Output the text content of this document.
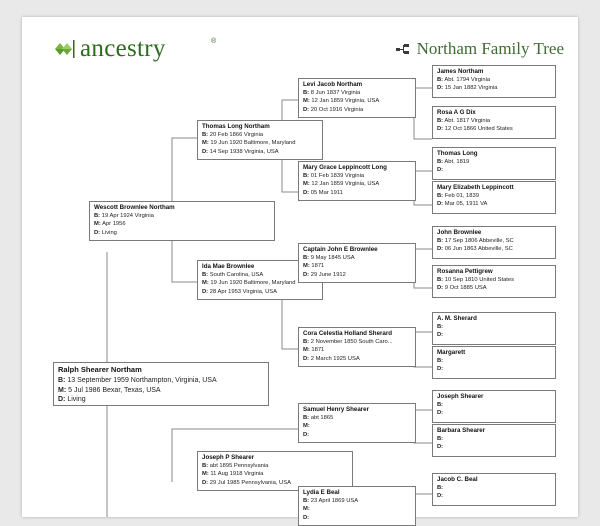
ancestry	®	Northam Family Tree
Ralph Shearer Northam
B: 13 September 1959 Northampton, Virginia, USA
M: 5 Jul 1986 Bexar, Texas, USA
D: Living
Wescott Brownlee Northam
B: 19 Apr 1924 Virginia
M: Apr 1956
D: Living
Joseph P Shearer
B: abt 1895 Pennsylvania
M: 11 Aug 1918 Virginia
D: 29 Jul 1985 Pennsylvania, USA
Thomas Long Northam
B: 20 Feb 1866 Virginia
M: 19 Jun 1920 Baltimore, Maryland
D: 14 Sep 1938 Virginia, USA
Ida Mae Brownlee
B: South Carolina, USA
M: 19 Jun 1920 Baltimore, Maryland
D: 28 Apr 1953 Virginia, USA
Levi Jacob Northam
B: 8 Jun 1837 Virginia
M: 12 Jan 1859 Virginia, USA
D: 20 Oct 1916 Virginia
Mary Grace Leppincott Long
B: 01 Feb 1839 Virginia
M: 12 Jan 1859 Virginia, USA
D: 05 Mar 1911
Captain John E Brownlee
B: 9 May 1845 USA
M: 1871
D: 29 June 1912
Cora Celestia Holland Sherard
B: 2 November 1850 South Caro...
M: 1871
D: 2 March 1925 USA
Samuel Henry Shearer
B: abt 1865
M:
D:
Lydia E Beal
B: 23 April 1869 USA
M:
D:
James Northam
B: Abt. 1794 Virginia
D: 15 Jan 1882 Virginia
Rosa A G Dix
B: Abt. 1817 Virginia
D: 12 Oct 1866 United States
Thomas Long
B: Abt. 1819
D:
Mary Elizabeth Leppincott
B: Feb 01, 1839
D: Mar 05, 1911 VA
John Brownlee
B: 17 Sep 1806 Abbeville, SC
D: 06 Jun 1863 Abbeville, SC
Rosanna Pettigrew
B: 10 Sep 1810 United States
D: 9 Oct 1885 USA
A. M. Sherard
B:
D:
Margarett
B:
D:
Joseph Shearer
B:
D:
Barbara Shearer
B:
D:
Jacob C. Beal
B:
D:
